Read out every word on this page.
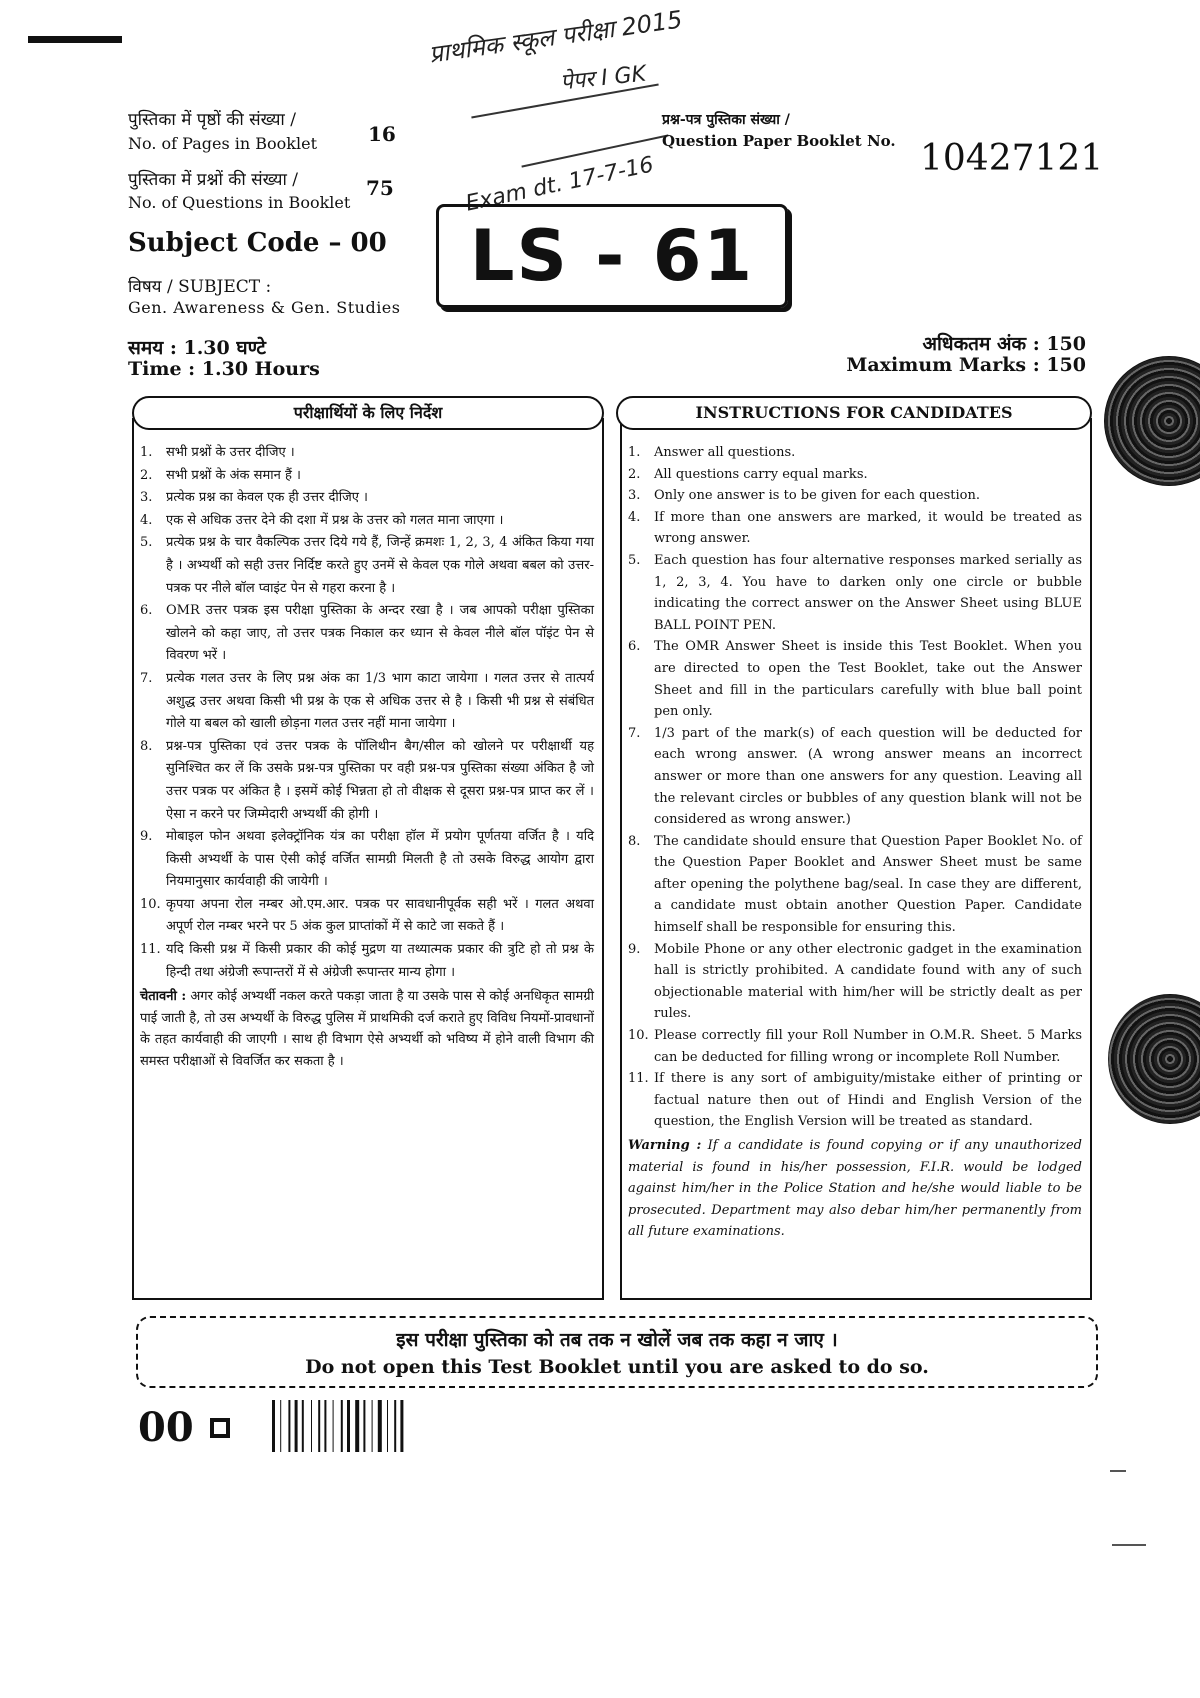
प्राथमिक स्कूल परीक्षा 2015
पेपर I GK
Exam dt. 17-7-16
पुस्तिका में पृष्ठों की संख्या /
No. of Pages in Booklet	16
पुस्तिका में प्रश्नों की संख्या /
No. of Questions in Booklet
75
प्रश्न-पत्र पुस्तिका संख्या /
Question Paper Booklet No. 10427121
Subject Code – 00	LS - 61
विषय / SUBJECT :
Gen. Awareness & Gen. Studies
समय : 1.30 घण्टे
Time : 1.30 Hours
अधिकतम अंक : 150
Maximum Marks : 150
1. सभी प्रश्नों के उत्तर दीजिए ।
2. सभी प्रश्नों के अंक समान हैं ।
3. प्रत्येक प्रश्न का केवल एक ही उत्तर दीजिए ।
4. एक से अधिक उत्तर देने की दशा में प्रश्न के उत्तर को गलत माना जाएगा ।
5. प्रत्येक प्रश्न के चार वैकल्पिक उत्तर दिये गये हैं, जिन्हें क्रमशः 1, 2, 3, 4 अंकित किया गया है । अभ्यर्थी को सही उत्तर निर्दिष्ट करते हुए उनमें से केवल एक गोले अथवा बबल को उत्तर-पत्रक पर नीले बॉल प्वाइंट पेन से गहरा करना है ।
6. OMR उत्तर पत्रक इस परीक्षा पुस्तिका के अन्दर रखा है । जब आपको परीक्षा पुस्तिका खोलने को कहा जाए, तो उत्तर पत्रक निकाल कर ध्यान से केवल नीले बॉल पॉइंट पेन से विवरण भरें ।
7. प्रत्येक गलत उत्तर के लिए प्रश्न अंक का 1/3 भाग काटा जायेगा । गलत उत्तर से तात्पर्य अशुद्ध उत्तर अथवा किसी भी प्रश्न के एक से अधिक उत्तर से है । किसी भी प्रश्न से संबंधित गोले या बबल को खाली छोड़ना गलत उत्तर नहीं माना जायेगा ।
8. प्रश्न-पत्र पुस्तिका एवं उत्तर पत्रक के पॉलिथीन बैग/सील को खोलने पर परीक्षार्थी यह सुनिश्चित कर लें कि उसके प्रश्न-पत्र पुस्तिका पर वही प्रश्न-पत्र पुस्तिका संख्या अंकित है जो उत्तर पत्रक पर अंकित है । इसमें कोई भिन्नता हो तो वीक्षक से दूसरा प्रश्न-पत्र प्राप्त कर लें । ऐसा न करने पर जिम्मेदारी अभ्यर्थी की होगी ।
9. मोबाइल फोन अथवा इलेक्ट्रॉनिक यंत्र का परीक्षा हॉल में प्रयोग पूर्णतया वर्जित है । यदि किसी अभ्यर्थी के पास ऐसी कोई वर्जित सामग्री मिलती है तो उसके विरुद्ध आयोग द्वारा नियमानुसार कार्यवाही की जायेगी ।
10. कृपया अपना रोल नम्बर ओ.एम.आर. पत्रक पर सावधानीपूर्वक सही भरें । गलत अथवा अपूर्ण रोल नम्बर भरने पर 5 अंक कुल प्राप्तांकों में से काटे जा सकते हैं ।
11. यदि किसी प्रश्न में किसी प्रकार की कोई मुद्रण या तथ्यात्मक प्रकार की त्रुटि हो तो प्रश्न के हिन्दी तथा अंग्रेजी रूपान्तरों में से अंग्रेजी रूपान्तर मान्य होगा ।
चेतावनी : अगर कोई अभ्यर्थी नकल करते पकड़ा जाता है या उसके पास से कोई अनधिकृत सामग्री पाई जाती है, तो उस अभ्यर्थी के विरुद्ध पुलिस में प्राथमिकी दर्ज कराते हुए विविध नियमों-प्रावधानों के तहत कार्यवाही की जाएगी । साथ ही विभाग ऐसे अभ्यर्थी को भविष्य में होने वाली विभाग की समस्त परीक्षाओं से विवर्जित कर सकता है ।
परीक्षार्थियों के लिए निर्देश
1. Answer all questions.
2. All questions carry equal marks.
3. Only one answer is to be given for each question.
4. If more than one answers are marked, it would be treated as wrong answer.
5. Each question has four alternative responses marked serially as 1, 2, 3, 4. You have to darken only one circle or bubble indicating the correct answer on the Answer Sheet using BLUE BALL POINT PEN.
6. The OMR Answer Sheet is inside this Test Booklet. When you are directed to open the Test Booklet, take out the Answer Sheet and fill in the particulars carefully with blue ball point pen only.
7. 1/3 part of the mark(s) of each question will be deducted for each wrong answer. (A wrong answer means an incorrect answer or more than one answers for any question. Leaving all the relevant circles or bubbles of any question blank will not be considered as wrong answer.)
8. The candidate should ensure that Question Paper Booklet No. of the Question Paper Booklet and Answer Sheet must be same after opening the polythene bag/seal. In case they are different, a candidate must obtain another Question Paper. Candidate himself shall be responsible for ensuring this.
9. Mobile Phone or any other electronic gadget in the examination hall is strictly prohibited. A candidate found with any of such objectionable material with him/her will be strictly dealt as per rules.
10. Please correctly fill your Roll Number in O.M.R. Sheet. 5 Marks can be deducted for filling wrong or incomplete Roll Number.
11. If there is any sort of ambiguity/mistake either of printing or factual nature then out of Hindi and English Version of the question, the English Version will be treated as standard.
Warning : If a candidate is found copying or if any unauthorized material is found in his/her possession, F.I.R. would be lodged against him/her in the Police Station and he/she would liable to be prosecuted. Department may also debar him/her permanently from all future examinations.
INSTRUCTIONS FOR CANDIDATES
इस परीक्षा पुस्तिका को तब तक न खोलें जब तक कहा न जाए ।
Do not open this Test Booklet until you are asked to do so.
00
